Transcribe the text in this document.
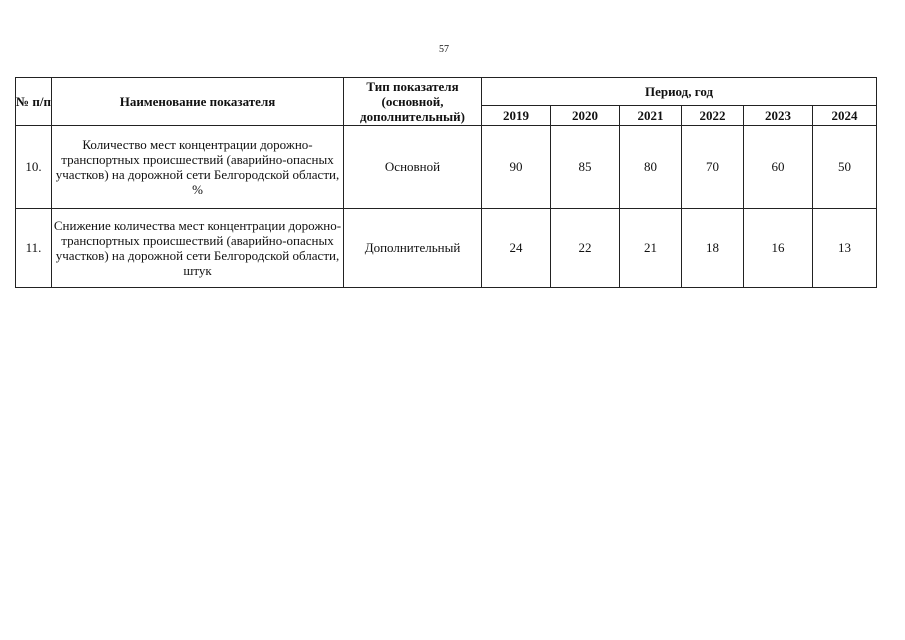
57
№ п/п	Наименование показателя	Тип показателя (основной, дополнительный)	Период, год					
			2019	2020	2021	2022	2023	2024
10.	Количество мест концентрации дорожно-транспортных происшествий (аварийно-опасных участков) на дорожной сети Белгородской области, %	Основной	90	85	80	70	60	50
11.	Снижение количества мест концентрации дорожно-транспортных происшествий (аварийно-опасных участков) на дорожной сети Белгородской области, штук	Дополнительный	24	22	21	18	16	13
